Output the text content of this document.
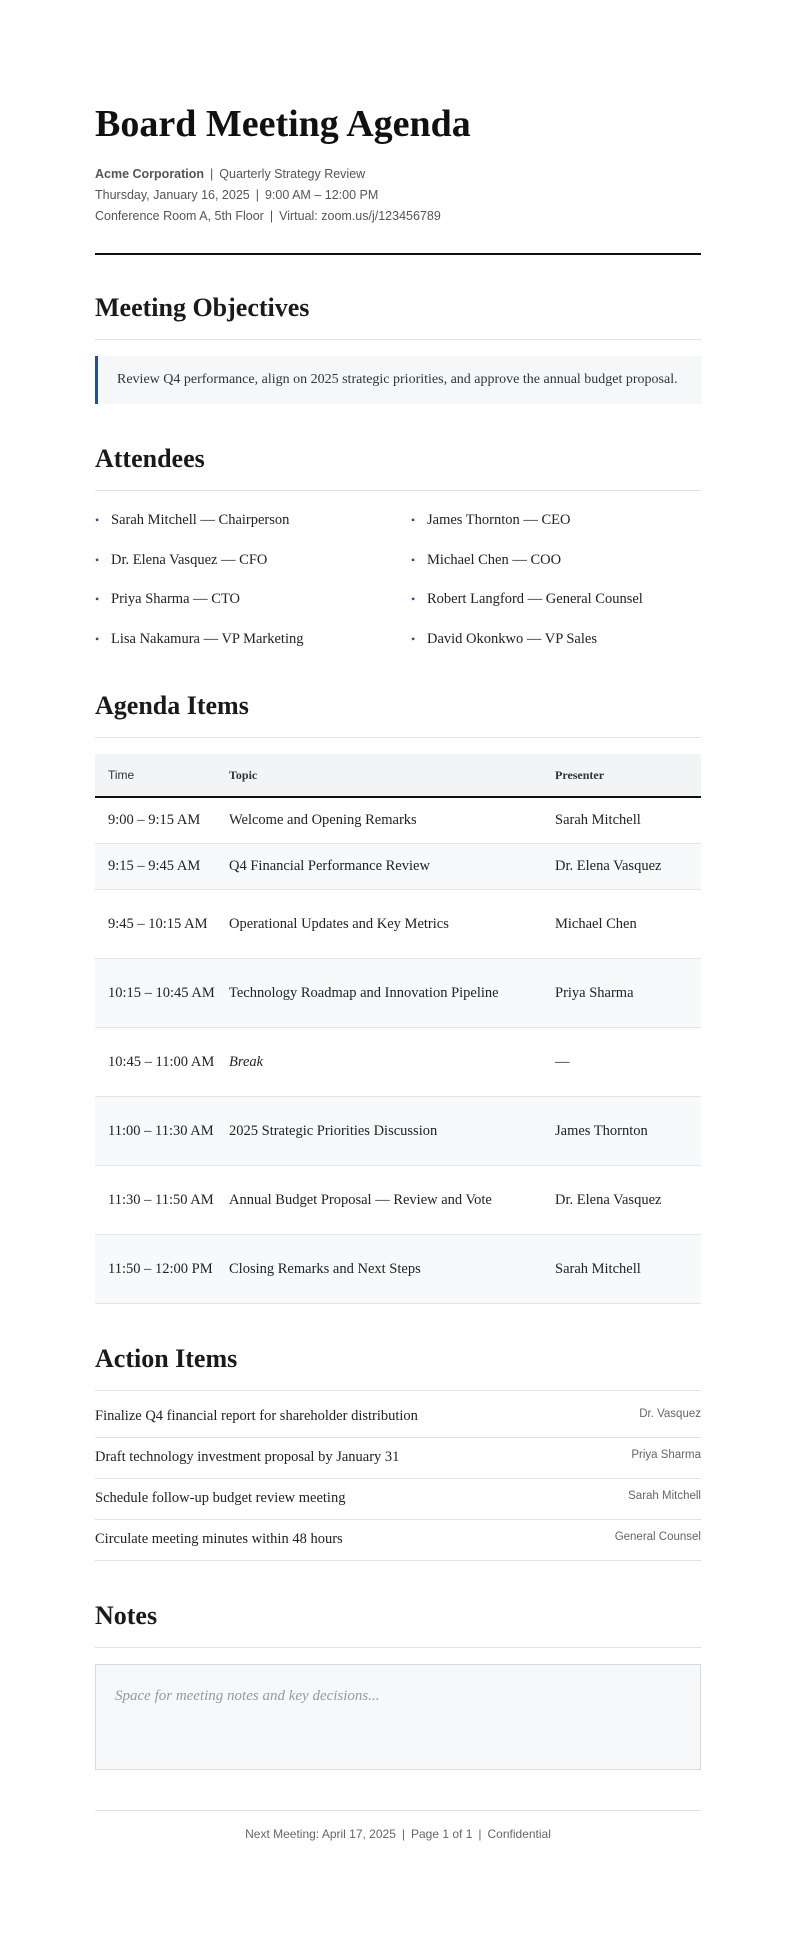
Board Meeting Agenda
Acme Corporation | Quarterly Strategy Review
Thursday, January 16, 2025 | 9:00 AM – 12:00 PM
Conference Room A, 5th Floor | Virtual: zoom.us/j/123456789
Meeting Objectives
Review Q4 performance, align on 2025 strategic priorities, and approve the annual budget proposal.
Attendees
• Sarah Mitchell — Chairperson	• James Thornton — CEO
• Dr. Elena Vasquez — CFO	• Michael Chen — COO
• Priya Sharma — CTO	• Robert Langford — General Counsel
• Lisa Nakamura — VP Marketing	• David Okonkwo — VP Sales
Agenda Items
Time	Topic	Presenter
9:00 – 9:15 AM	Welcome and Opening Remarks	Sarah Mitchell
9:15 – 9:45 AM	Q4 Financial Performance Review	Dr. Elena Vasquez
9:45 – 10:15 AM	Operational Updates and Key Metrics	Michael Chen
10:15 – 10:45 AM	Technology Roadmap and Innovation Pipeline	Priya Sharma
10:45 – 11:00 AM	Break	—
11:00 – 11:30 AM	2025 Strategic Priorities Discussion	James Thornton
11:30 – 11:50 AM	Annual Budget Proposal — Review and Vote	Dr. Elena Vasquez
11:50 – 12:00 PM	Closing Remarks and Next Steps	Sarah Mitchell
Action Items
Finalize Q4 financial report for shareholder distribution	Dr. Vasquez
Draft technology investment proposal by January 31	Priya Sharma
Schedule follow-up budget review meeting	Sarah Mitchell
Circulate meeting minutes within 48 hours	General Counsel
Notes
Space for meeting notes and key decisions...
Next Meeting: April 17, 2025 | Page 1 of 1 | Confidential
